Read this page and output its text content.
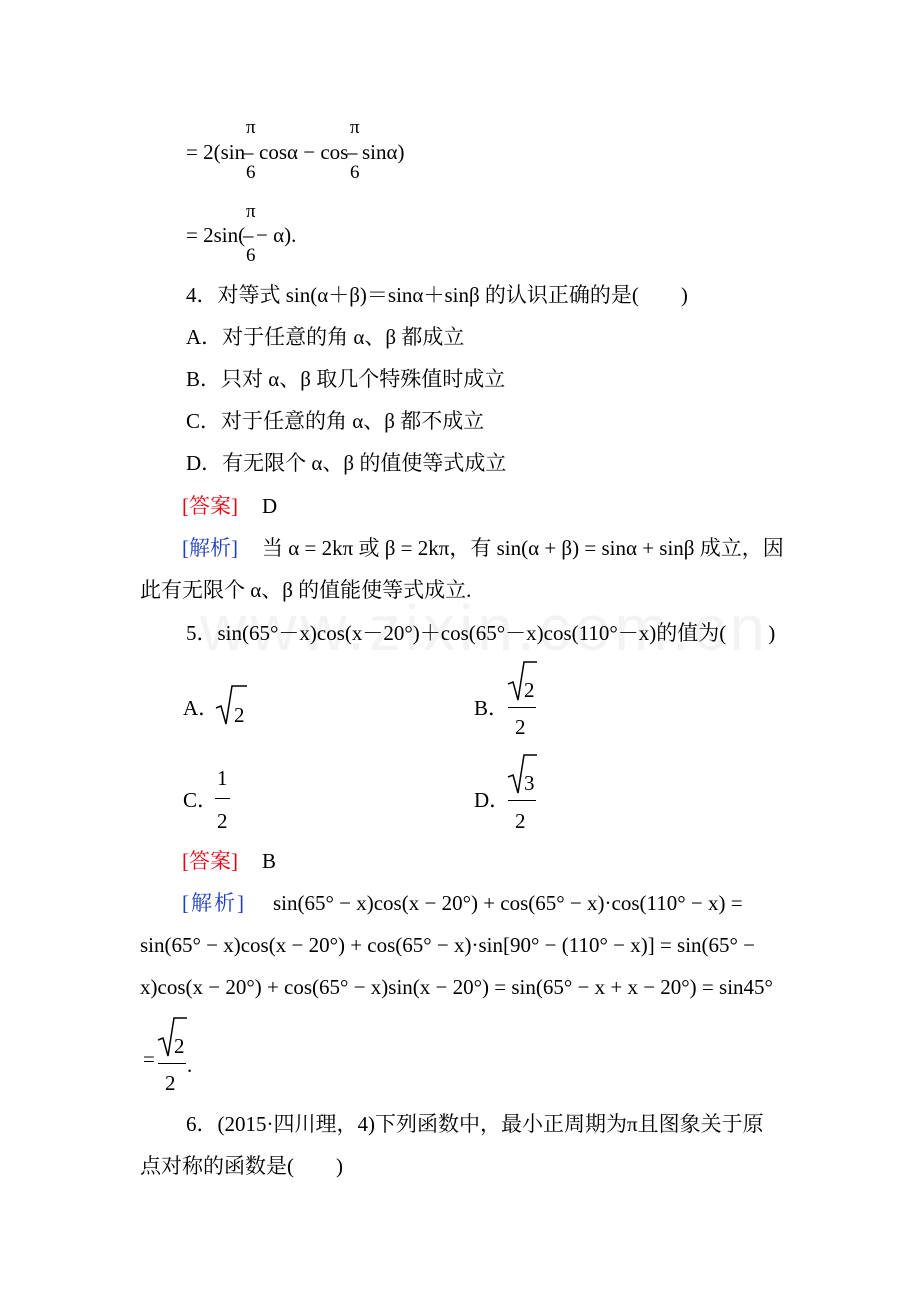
= 2(sin
π
–
6
cosα − cos
π
–
6
sinα)
= 2sin(
π
–
6
− α).
4．对等式 sin(α＋β)＝sinα＋sinβ 的认识正确的是(　　)
A．对于任意的角 α、β 都成立
B．只对 α、β 取几个特殊值时成立
C．对于任意的角 α、β 都不成立
D．有无限个 α、β 的值使等式成立
[答案] D
[解析] 当 α = 2kπ 或 β = 2kπ，有 sin(α + β) = sinα + sinβ 成立，因
此有无限个 α、β 的值能使等式成立.
5．sin(65°－x)cos(x－20°)＋cos(65°－x)cos(110°－x)的值为(　　)
A． 2	B．
2
2
C．
1
2
D．
3
2
[答案] B
[解析] sin(65° − x)cos(x − 20°) + cos(65° − x)·cos(110° − x) =
sin(65° − x)cos(x − 20°) + cos(65° − x)·sin[90° − (110° − x)] = sin(65° −
x)cos(x − 20°) + cos(65° − x)sin(x − 20°) = sin(65° − x + x − 20°) = sin45°
=
2
2
.
6．(2015·四川理，4)下列函数中，最小正周期为π且图象关于原
点对称的函数是(　　)
